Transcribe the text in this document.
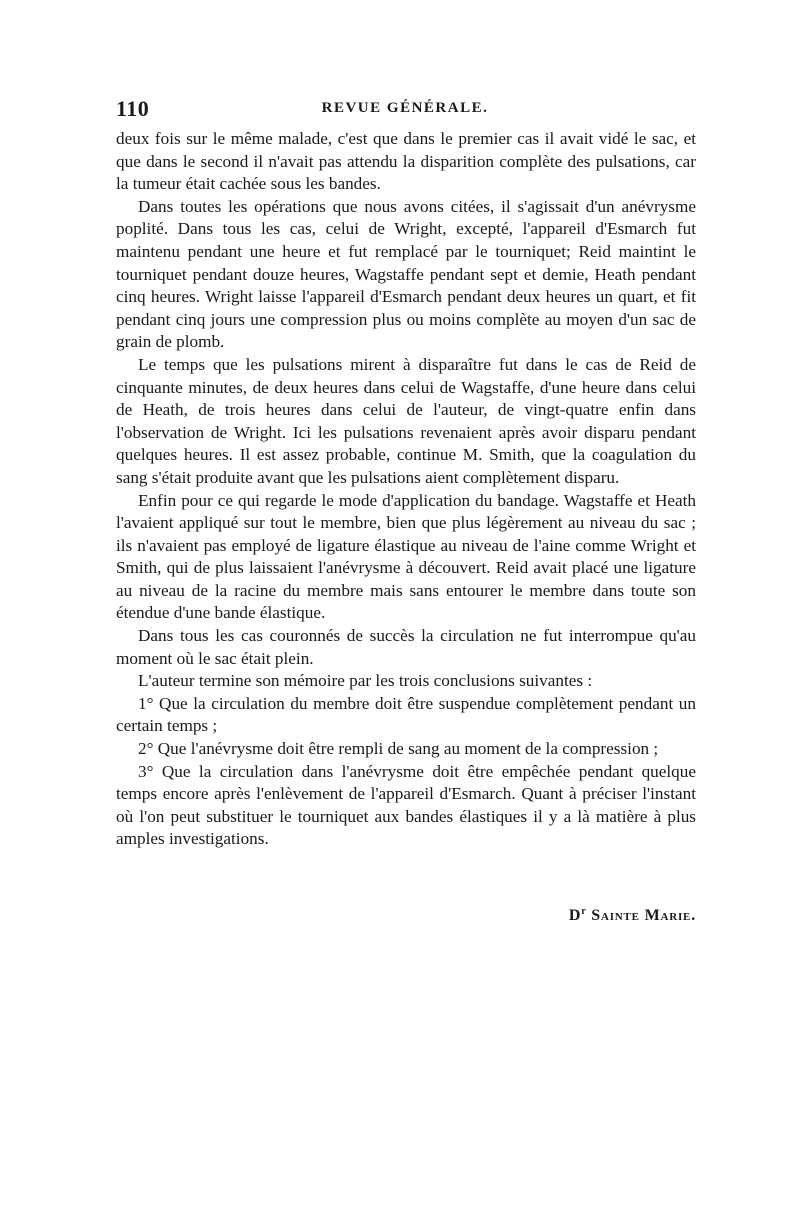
110	REVUE GÉNÉRALE.

deux fois sur le même malade, c'est que dans le premier cas il avait vidé le sac, et que dans le second il n'avait pas attendu la disparition complète des pulsations, car la tumeur était cachée sous les bandes.

Dans toutes les opérations que nous avons citées, il s'agissait d'un anévrysme poplité. Dans tous les cas, celui de Wright, excepté, l'appareil d'Esmarch fut maintenu pendant une heure et fut remplacé par le tourniquet; Reid maintint le tourniquet pendant douze heures, Wagstaffe pendant sept et demie, Heath pendant cinq heures. Wright laisse l'appareil d'Esmarch pendant deux heures un quart, et fit pendant cinq jours une compression plus ou moins complète au moyen d'un sac de grain de plomb.

Le temps que les pulsations mirent à disparaître fut dans le cas de Reid de cinquante minutes, de deux heures dans celui de Wagstaffe, d'une heure dans celui de Heath, de trois heures dans celui de l'auteur, de vingt-quatre enfin dans l'observation de Wright. Ici les pulsations revenaient après avoir disparu pendant quelques heures. Il est assez probable, continue M. Smith, que la coagulation du sang s'était produite avant que les pulsations aient complètement disparu.

Enfin pour ce qui regarde le mode d'application du bandage. Wagstaffe et Heath l'avaient appliqué sur tout le membre, bien que plus légèrement au niveau du sac ; ils n'avaient pas employé de ligature élastique au niveau de l'aine comme Wright et Smith, qui de plus laissaient l'anévrysme à découvert. Reid avait placé une ligature au niveau de la racine du membre mais sans entourer le membre dans toute son étendue d'une bande élastique.

Dans tous les cas couronnés de succès la circulation ne fut interrompue qu'au moment où le sac était plein.

L'auteur termine son mémoire par les trois conclusions suivantes :

1° Que la circulation du membre doit être suspendue complètement pendant un certain temps ;

2° Que l'anévrysme doit être rempli de sang au moment de la compression ;

3° Que la circulation dans l'anévrysme doit être empêchée pendant quelque temps encore après l'enlèvement de l'appareil d'Esmarch. Quant à préciser l'instant où l'on peut substituer le tourniquet aux bandes élastiques il y a là matière à plus amples investigations.

$D^r$ Sainte Marie.
